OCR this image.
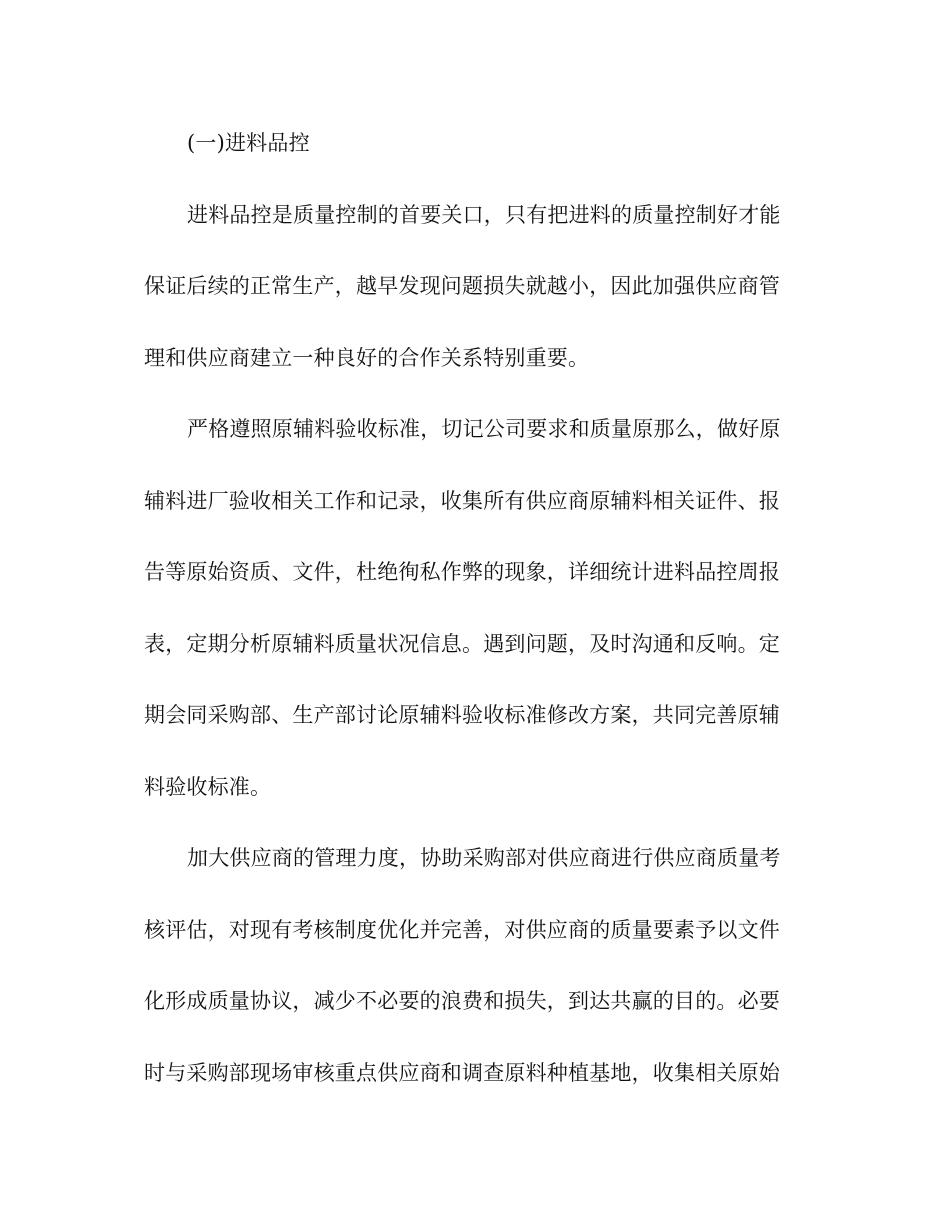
(一)进料品控
进料品控是质量控制的首要关口，只有把进料的质量控制好才能
保证后续的正常生产，越早发现问题损失就越小，因此加强供应商管
理和供应商建立一种良好的合作关系特别重要。
严格遵照原辅料验收标准，切记公司要求和质量原那么，做好原
辅料进厂验收相关工作和记录，收集所有供应商原辅料相关证件、报
告等原始资质、文件，杜绝徇私作弊的现象，详细统计进料品控周报
表，定期分析原辅料质量状况信息。遇到问题，及时沟通和反响。定
期会同采购部、生产部讨论原辅料验收标准修改方案，共同完善原辅
料验收标准。
加大供应商的管理力度，协助采购部对供应商进行供应商质量考
核评估，对现有考核制度优化并完善，对供应商的质量要素予以文件
化形成质量协议，减少不必要的浪费和损失，到达共赢的目的。必要
时与采购部现场审核重点供应商和调查原料种植基地，收集相关原始
